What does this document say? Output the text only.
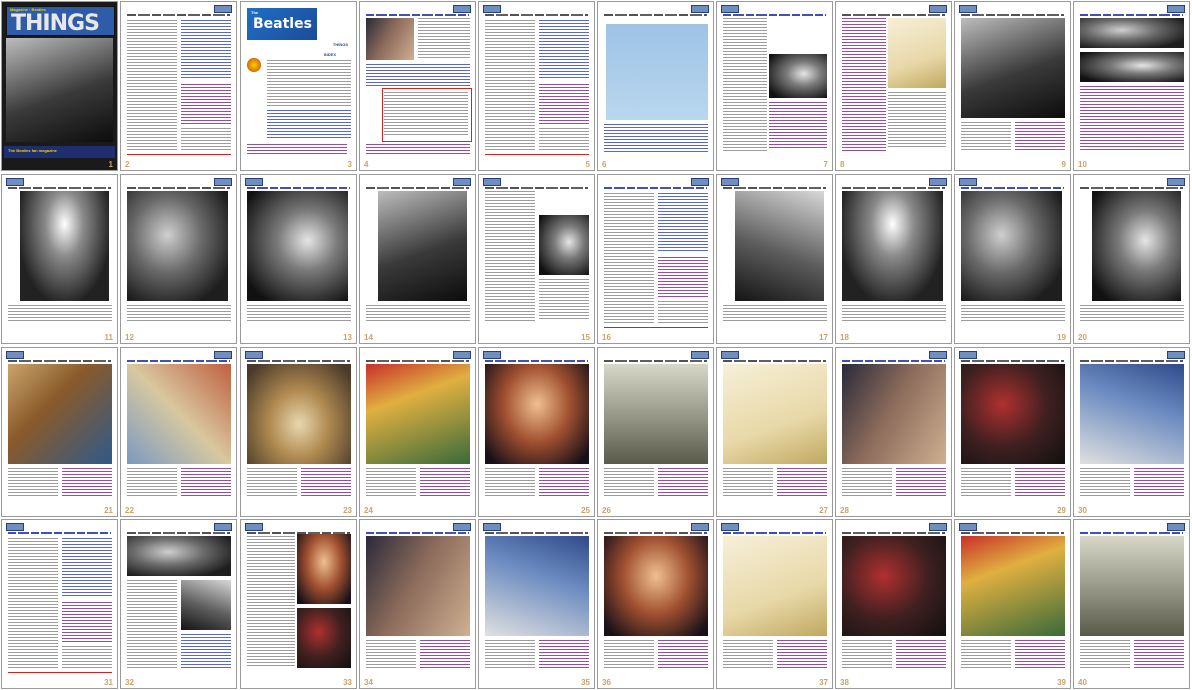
Magazine · Beatles
THINGS
The Beatles fan magazine
1 2
The
Beatles
THINGS
INDEX
3 4	5 6	7 8	9 10
11 12	13 14	15 16	17 18	19 20
21 22	23 24	25 26	27 28	29 30
31 32	33 34	35 36	37 38	39 40
